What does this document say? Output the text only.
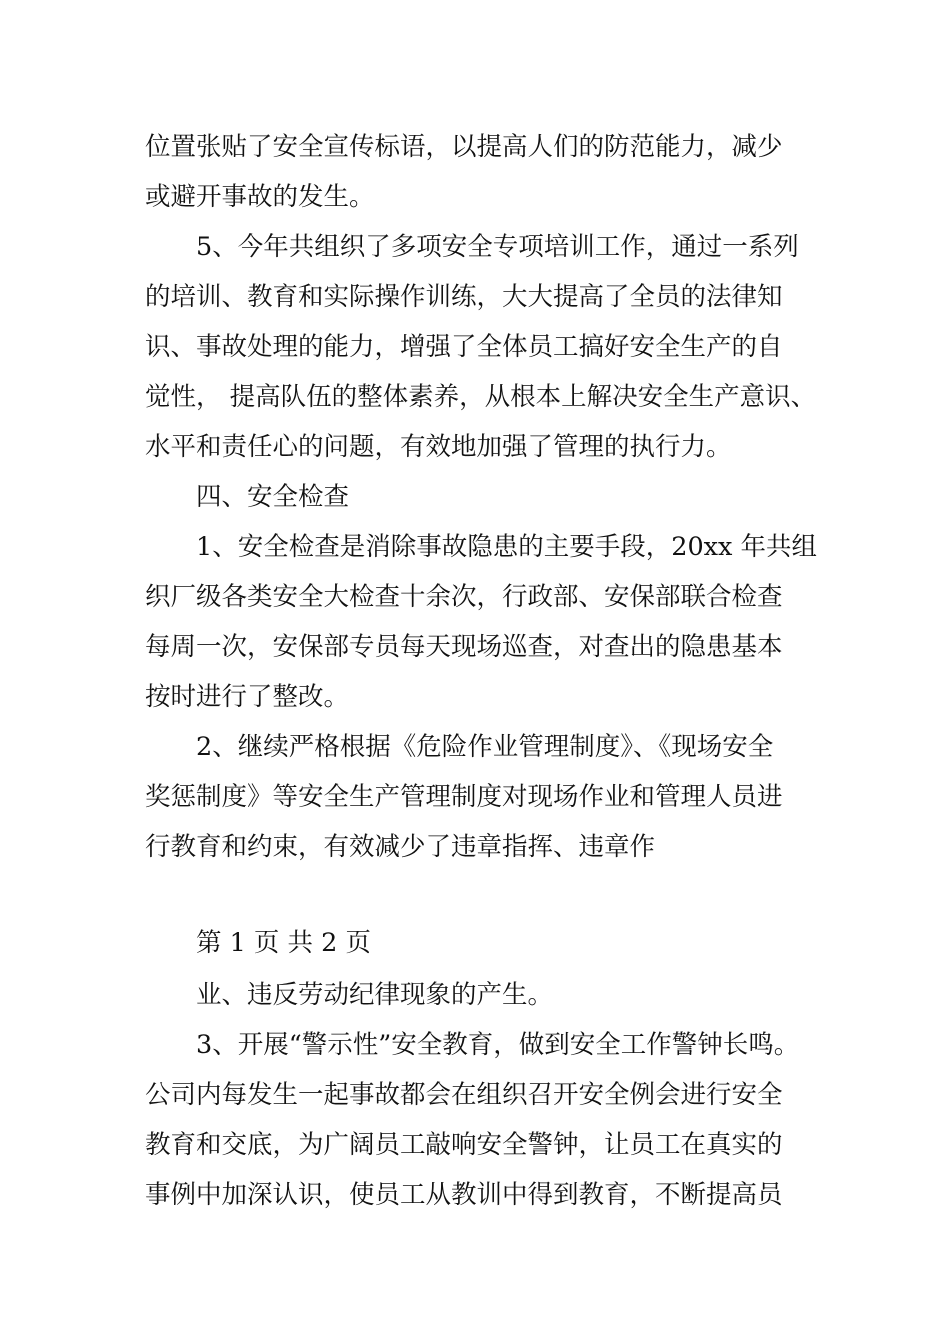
位置张贴了安全宣传标语，以提高人们的防范能力，减少
或避开事故的发生。
5、今年共组织了多项安全专项培训工作，通过一系列
的培训、教育和实际操作训练，大大提高了全员的法律知
识、事故处理的能力，增强了全体员工搞好安全生产的自
觉性， 提高队伍的整体素养，从根本上解决安全生产意识、
水平和责任心的问题，有效地加强了管理的执行力。
四、安全检查
1、安全检查是消除事故隐患的主要手段，20xx 年共组
织厂级各类安全大检查十余次，行政部、安保部联合检查
每周一次，安保部专员每天现场巡查，对查出的隐患基本
按时进行了整改。
2、继续严格根据《危险作业管理制度》、《现场安全
奖惩制度》等安全生产管理制度对现场作业和管理人员进
行教育和约束，有效减少了违章指挥、违章作
第 1 页 共 2 页
业、违反劳动纪律现象的产生。
3、开展“警示性”安全教育，做到安全工作警钟长鸣。
公司内每发生一起事故都会在组织召开安全例会进行安全
教育和交底，为广阔员工敲响安全警钟，让员工在真实的
事例中加深认识，使员工从教训中得到教育，不断提高员
